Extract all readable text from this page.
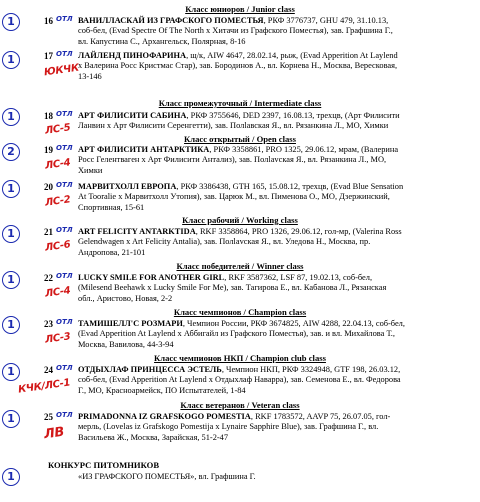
Класс юниоров / Junior class
1	16 ОТЛ ВАНИЛЛАСКАЙ ИЗ ГРАФСКОГО ПОМЕСТЬЯ, РКФ 3776737, GHU 479, 31.10.13,
соб-бел, (Evad Spectre Of The North x Хитачи из Графского Поместья), зав. Графшина Г.,
вл. Капустина С., Архангельск, Полярная, 8-16
1	17 ОТЛ
ЮКЧК
ЛАЙЛЕНД ПИНОФАРИНА, щ/к, AIW 4647, 28.02.14, рыж, (Evad Apperition At Laylend
x Валерина Росс Кристмас Стар), зав. Бородинов А., вл. Корнева Н., Москва, Вересковая,
13-146
Класс промежуточный / Intermediate class
1	18 ОТЛ
ЛС-5
АРТ ФИЛИСИТИ САБИНА, РКФ 3755646, DED 2397, 16.08.13, трехцв, (Арт Филисити
Ланвин x Арт Филисити Серенгетти), зав. Полlaвская Я., вл. Рязанкина Л., МО, Химки
Класс открытый / Open class
2	19 ОТЛ
ЛС-4
АРТ ФИЛИСИТИ АНТАРКТИКА, РКФ 3358861, PRO 1325, 29.06.12, мрам, (Валерина
Росс Гелентваген x Арт Филисити Антализ), зав. Полlavская Я., вл. Рязанкина Л., МО,
Химки
1	20 ОТЛ
ЛС-2
МАРВИТХОЛЛ ЕВРОПА, РКФ 3386438, GTH 165, 15.08.12, трехцв, (Evad Blue Sensation
At Tooralie x Марвитхолл Утопия), зав. Царюк М., вл. Пименова О., МО, Дзержинский,
Спортивная, 15-61
Класс рабочий / Working class
1	21 ОТЛ
ЛС-6
ART FELICITY ANTARKTIDA, RKF 3358864, PRO 1326, 29.06.12, гол-мр, (Valerina Ross
Gelendwagen x Art Felicity Antalia), зав. Полlavская Я., вл. Уледова Н., Москва, пр.
Андропова, 21-101
Класс победителей / Winner class
1	22 ОТЛ
ЛС-4
LUCKY SMILE FOR ANOTHER GIRL, RKF 3587362, LSF 87, 19.02.13, соб-бел,
(Milesend Beehawk x Lucky Smile For Me), зав. Тагирова Е., вл. Кабанова Л., Рязанская
обл., Аристово, Новая, 2-2
Класс чемпионов / Champion class
1	23 ОТЛ
ЛС-3
ТАМИШЕЛЛ'С РОЗМАРИ, Чемпион России, РКФ 3674825, AIW 4288, 22.04.13, соб-бел,
(Evad Apperition At Laylend x Аббигайл из Графского Поместья), зав. и вл. Михайлова Т.,
Москва, Вавилова, 44-3-94
Класс чемпионов НКП / Champion club class
1	24 ОТЛ
КЧК/ЛС-1
ОТДЫХЛАФ ПРИНЦЕССА ЭСТЕЛЬ, Чемпион НКП, РКФ 3324948, GTF 198, 26.03.12,
соб-бел, (Evad Apperition At Laylend x Отдыхлаф Наварра), зав. Семенова Е., вл. Федорова
Г., МО, Красноармейск, ПО Испытателей, 1-84
Класс ветеранов / Veteran class
1	25 ОТЛ
ЛВ
PRIMADONNA IZ GRAFSKOGO POMESTIA, RKF 1783572, AAVP 75, 26.07.05, гол-
мерль, (Lovelas iz Grafskogo Pomestija x Lynaire Sapphire Blue), зав. Графшина Г., вл.
Васильева Ж., Москва, Зарайская, 51-2-47
КОНКУРС ПИТОМНИКОВ
1	«ИЗ ГРАФСКОГО ПОМЕСТЬЯ», вл. Графшина Г.
